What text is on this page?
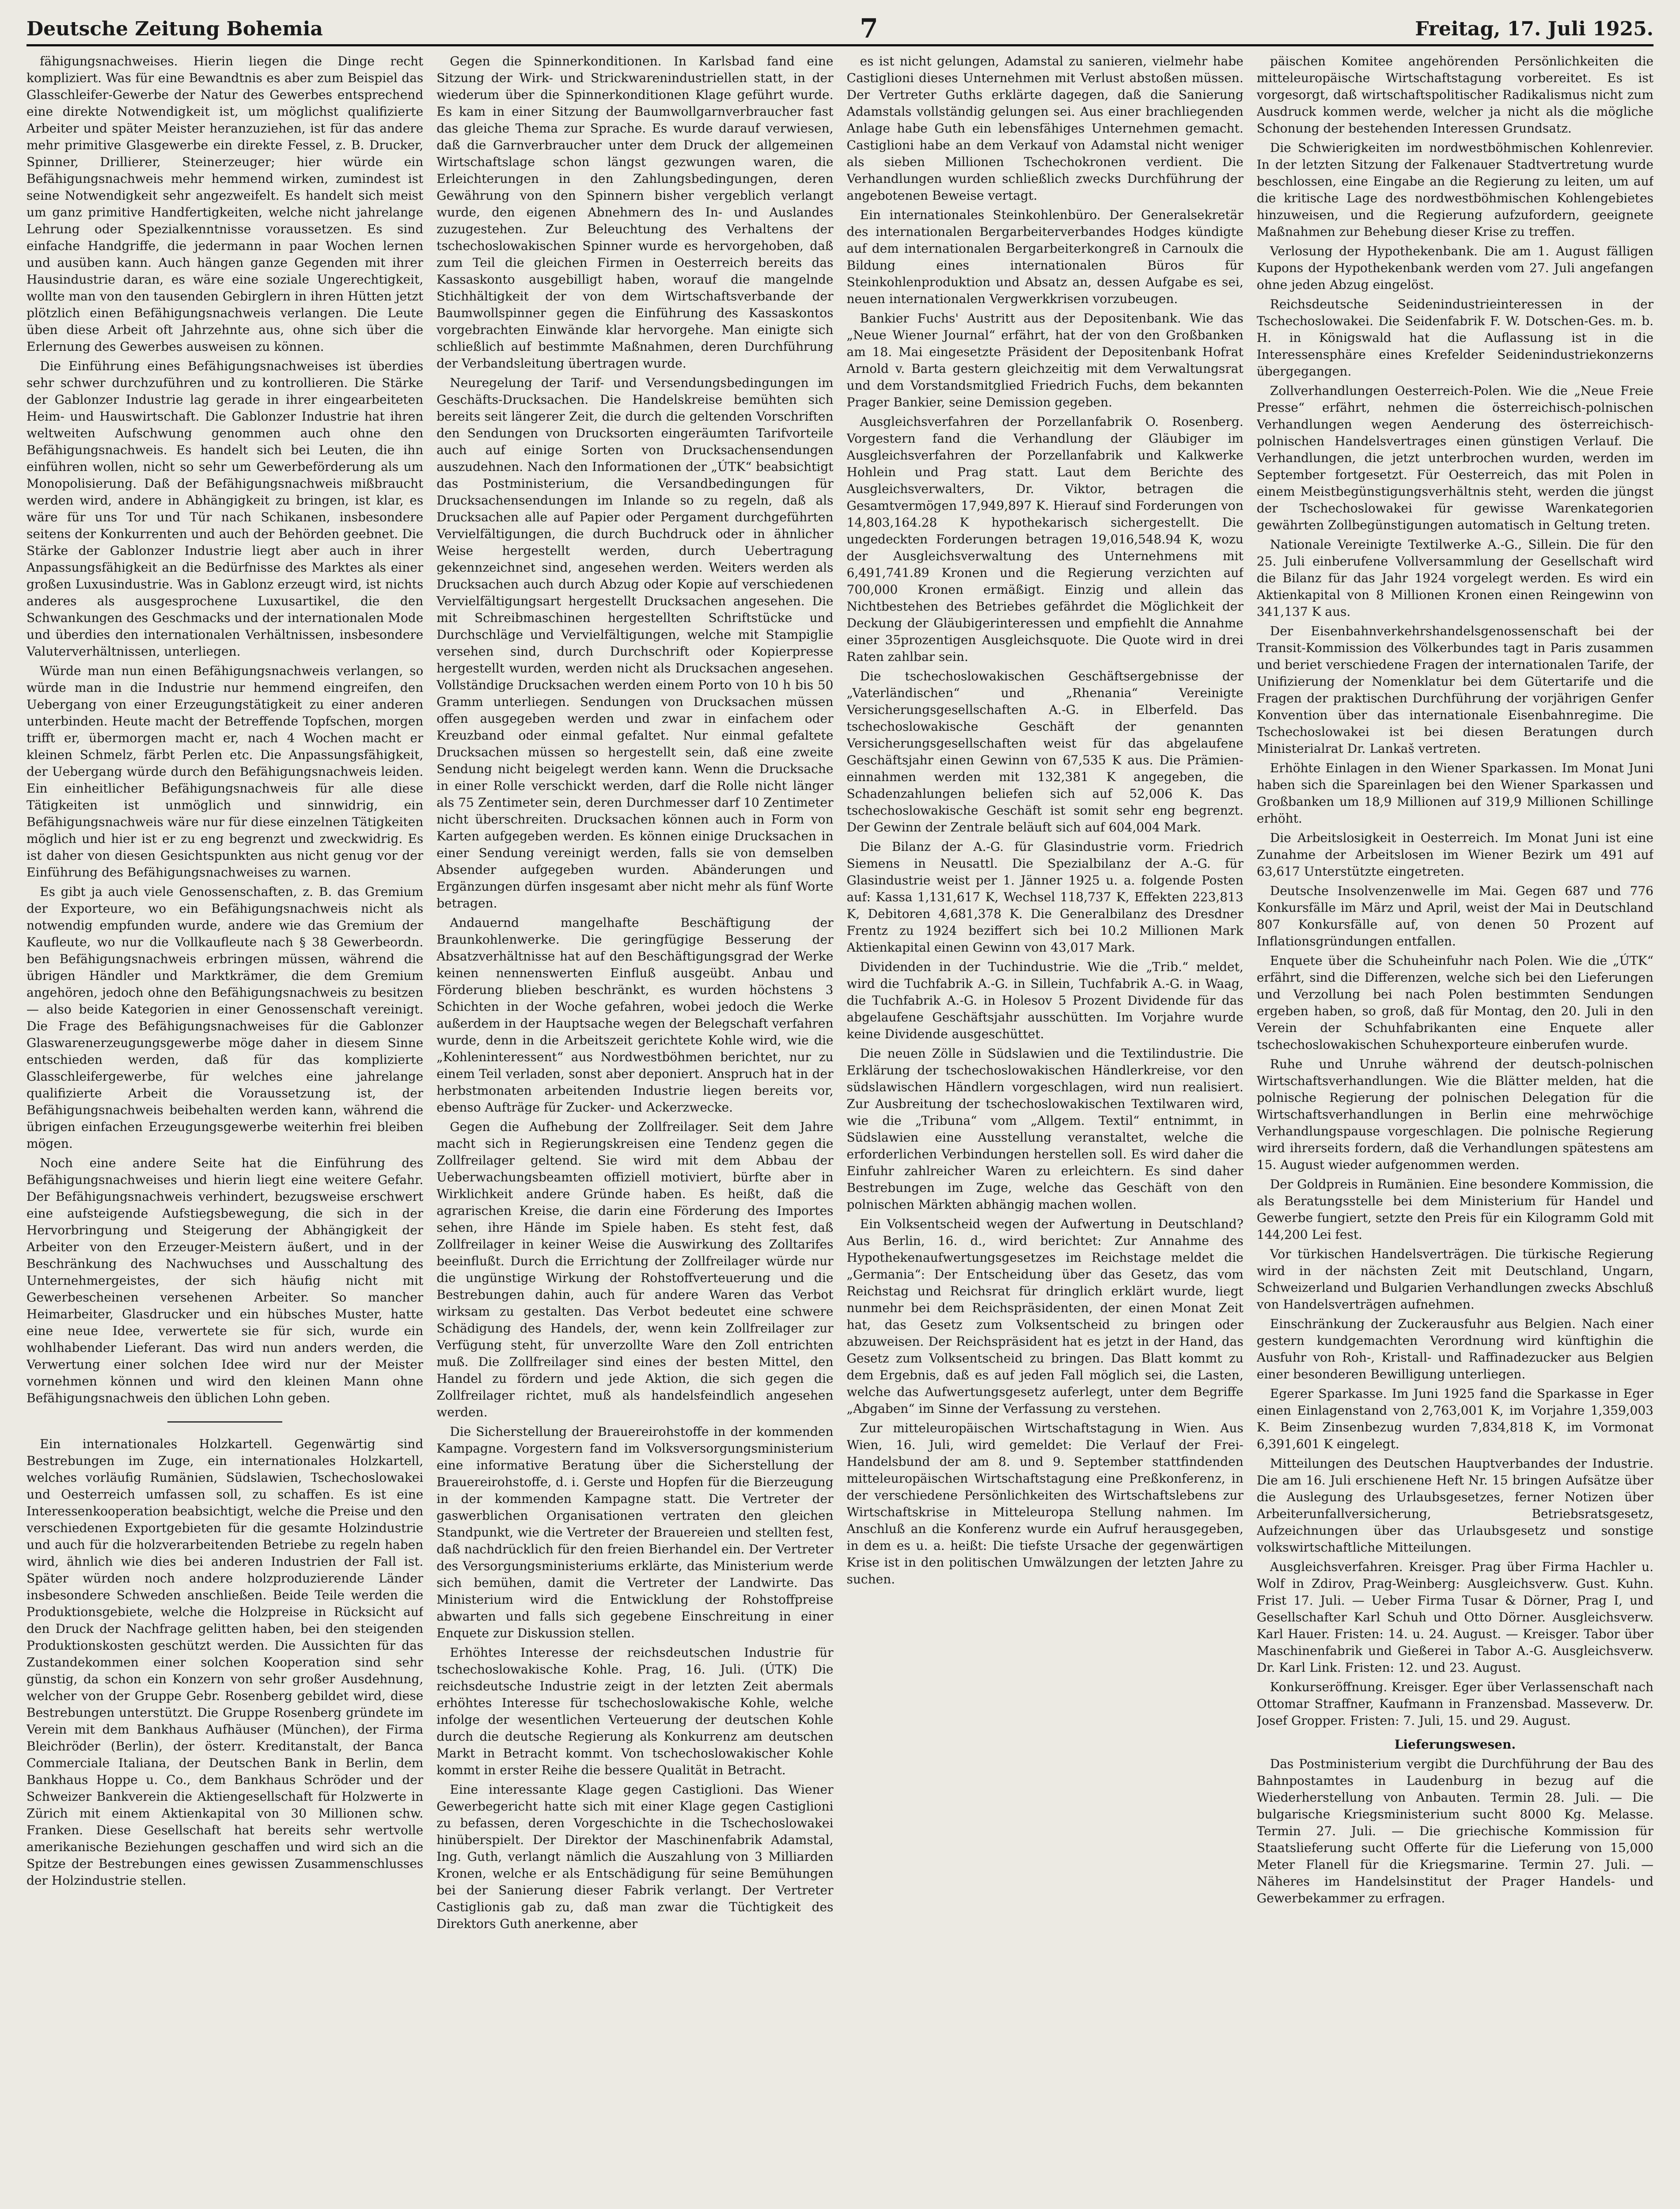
Deutsche Zeitung Bohemia	7	Freitag, 17. Juli 1925.

fähigungsnachweises. Hierin liegen die Dinge recht kompliziert. Was für eine Bewandtnis es aber zum Beispiel das Glasschleifer-Gewerbe der Natur des Gewerbes entsprechend eine direkte Notwendigkeit ist, um möglichst qualifizierte Arbeiter und später Meister heranzuziehen, ist für das andere mehr primitive Glasgewerbe ein direkte Fessel, z. B. Drucker, Spinner, Drillierer, Steinerzeuger; hier würde ein Befähigungsnachweis mehr hemmend wirken, zumindest ist seine Notwendigkeit sehr angezweifelt. Es handelt sich meist um ganz primitive Handfertigkeiten, welche nicht jahrelange Lehrung oder Spezialkenntnisse voraussetzen. Es sind einfache Handgriffe, die jedermann in paar Wochen lernen und ausüben kann. Auch hängen ganze Gegenden mit ihrer Hausindustrie daran, es wäre eine soziale Ungerechtigkeit, wollte man von den tausenden Gebirglern in ihren Hütten jetzt plötzlich einen Befähigungsnachweis verlangen. Die Leute üben diese Arbeit oft Jahrzehnte aus, ohne sich über die Erlernung des Gewerbes ausweisen zu können.

Die Einführung eines Befähigungsnachweises ist überdies sehr schwer durchzuführen und zu kontrollieren. Die Stärke der Gablonzer Industrie lag gerade in ihrer eingearbeiteten Heim- und Hauswirtschaft. Die Gablonzer Industrie hat ihren weltweiten Aufschwung genommen auch ohne den Befähigungsnachweis. Es handelt sich bei Leuten, die ihn einführen wollen, nicht so sehr um Gewerbeförderung als um Monopolisierung. Daß der Befähigungsnachweis mißbraucht werden wird, andere in Abhängigkeit zu bringen, ist klar, es wäre für uns Tor und Tür nach Schikanen, insbesondere seitens der Konkurrenten und auch der Behörden geebnet. Die Stärke der Gablonzer Industrie liegt aber auch in ihrer Anpassungsfähigkeit an die Bedürfnisse des Marktes als einer großen Luxusindustrie. Was in Gablonz erzeugt wird, ist nichts anderes als ausgesprochene Luxusartikel, die den Schwankungen des Geschmacks und der internationalen Mode und überdies den internationalen Verhältnissen, insbesondere Valuterverhältnissen, unterliegen.

Würde man nun einen Befähigungsnachweis verlangen, so würde man in die Industrie nur hemmend eingreifen, den Uebergang von einer Erzeugungstätigkeit zu einer anderen unterbinden. Heute macht der Betreffende Topfschen, morgen trifft er, übermorgen macht er, nach 4 Wochen macht er kleinen Schmelz, färbt Perlen etc. Die Anpassungsfähigkeit, der Uebergang würde durch den Befähigungsnachweis leiden. Ein einheitlicher Befähigungsnachweis für alle diese Tätigkeiten ist unmöglich und sinnwidrig, ein Befähigungsnachweis wäre nur für diese einzelnen Tätigkeiten möglich und hier ist er zu eng begrenzt und zweckwidrig. Es ist daher von diesen Gesichtspunkten aus nicht genug vor der Einführung des Befähigungsnachweises zu warnen.

Es gibt ja auch viele Genossenschaften, z. B. das Gremium der Exporteure, wo ein Befähigungsnachweis nicht als notwendig empfunden wurde, andere wie das Gremium der Kaufleute, wo nur die Vollkaufleute nach § 38 Gewerbeordn. ben Befähigungsnachweis erbringen müssen, während die übrigen Händler und Marktkrämer, die dem Gremium angehören, jedoch ohne den Befähigungsnachweis zu besitzen — also beide Kategorien in einer Genossenschaft vereinigt. Die Frage des Befähigungsnachweises für die Gablonzer Glaswarenerzeugungsgewerbe möge daher in diesem Sinne entschieden werden, daß für das komplizierte Glasschleifergewerbe, für welches eine jahrelange qualifizierte Arbeit die Voraussetzung ist, der Befähigungsnachweis beibehalten werden kann, während die übrigen einfachen Erzeugungsgewerbe weiterhin frei bleiben mögen.

Noch eine andere Seite hat die Einführung des Befähigungsnachweises und hierin liegt eine weitere Gefahr. Der Befähigungsnachweis verhindert, bezugsweise erschwert eine aufsteigende Aufstiegsbewegung, die sich in der Hervorbringung und Steigerung der Abhängigkeit der Arbeiter von den Erzeuger-Meistern äußert, und in der Beschränkung des Nachwuchses und Ausschaltung des Unternehmergeistes, der sich häufig nicht mit Gewerbescheinen versehenen Arbeiter. So mancher Heimarbeiter, Glasdrucker und ein hübsches Muster, hatte eine neue Idee, verwertete sie für sich, wurde ein wohlhabender Lieferant. Das wird nun anders werden, die Verwertung einer solchen Idee wird nur der Meister vornehmen können und wird den kleinen Mann ohne Befähigungsnachweis den üblichen Lohn geben.

Ein internationales Holzkartell. Gegenwärtig sind Bestrebungen im Zuge, ein internationales Holzkartell, welches vorläufig Rumänien, Südslawien, Tschechoslowakei und Oesterreich umfassen soll, zu schaffen. Es ist eine Interessenkooperation beabsichtigt, welche die Preise und den verschiedenen Exportgebieten für die gesamte Holzindustrie und auch für die holzverarbeitenden Betriebe zu regeln haben wird, ähnlich wie dies bei anderen Industrien der Fall ist. Später würden noch andere holzproduzierende Länder insbesondere Schweden anschließen. Beide Teile werden die Produktionsgebiete, welche die Holzpreise in Rücksicht auf den Druck der Nachfrage gelitten haben, bei den steigenden Produktionskosten geschützt werden. Die Aussichten für das Zustandekommen einer solchen Kooperation sind sehr günstig, da schon ein Konzern von sehr großer Ausdehnung, welcher von der Gruppe Gebr. Rosenberg gebildet wird, diese Bestrebungen unterstützt. Die Gruppe Rosenberg gründete im Verein mit dem Bankhaus Aufhäuser (München), der Firma Bleichröder (Berlin), der österr. Kreditanstalt, der Banca Commerciale Italiana, der Deutschen Bank in Berlin, dem Bankhaus Hoppe u. Co., dem Bankhaus Schröder und der Schweizer Bankverein die Aktiengesellschaft für Holzwerte in Zürich mit einem Aktienkapital von 30 Millionen schw. Franken. Diese Gesellschaft hat bereits sehr wertvolle amerikanische Beziehungen geschaffen und wird sich an die Spitze der Bestrebungen eines gewissen Zusammenschlusses der Holzindustrie stellen.

Gegen die Spinnerkonditionen. In Karlsbad fand eine Sitzung der Wirk- und Strickwarenindustriellen statt, in der wiederum über die Spinnerkonditionen Klage geführt wurde. Es kam in einer Sitzung der Baumwollgarnverbraucher fast das gleiche Thema zur Sprache. Es wurde darauf verwiesen, daß die Garnverbraucher unter dem Druck der allgemeinen Wirtschaftslage schon längst gezwungen waren, die Erleichterungen in den Zahlungsbedingungen, deren Gewährung von den Spinnern bisher vergeblich verlangt wurde, den eigenen Abnehmern des In- und Auslandes zuzugestehen. Zur Beleuchtung des Verhaltens der tschechoslowakischen Spinner wurde es hervorgehoben, daß zum Teil die gleichen Firmen in Oesterreich bereits das Kassaskonto ausgebilligt haben, worauf die mangelnde Stichhältigkeit der von dem Wirtschaftsverbande der Baumwollspinner gegen die Einführung des Kassaskontos vorgebrachten Einwände klar hervorgehe. Man einigte sich schließlich auf bestimmte Maßnahmen, deren Durchführung der Verbandsleitung übertragen wurde.

Neuregelung der Tarif- und Versendungsbedingungen im Geschäfts-Drucksachen. Die Handelskreise bemühten sich bereits seit längerer Zeit, die durch die geltenden Vorschriften den Sendungen von Drucksorten eingeräumten Tarifvorteile auch auf einige Sorten von Drucksachensendungen auszudehnen. Nach den Informationen der „ÚTK“ beabsichtigt das Postministerium, die Versandbedingungen für Drucksachensendungen im Inlande so zu regeln, daß als Drucksachen alle auf Papier oder Pergament durchgeführten Vervielfältigungen, die durch Buchdruck oder in ähnlicher Weise hergestellt werden, durch Uebertragung gekennzeichnet sind, angesehen werden. Weiters werden als Drucksachen auch durch Abzug oder Kopie auf verschiedenen Vervielfältigungsart hergestellt Drucksachen angesehen. Die mit Schreibmaschinen hergestellten Schriftstücke und Durchschläge und Vervielfältigungen, welche mit Stampiglie versehen sind, durch Durchschrift oder Kopierpresse hergestellt wurden, werden nicht als Drucksachen angesehen. Vollständige Drucksachen werden einem Porto von 10 h bis 50 Gramm unterliegen. Sendungen von Drucksachen müssen offen ausgegeben werden und zwar in einfachem oder Kreuzband oder einmal gefaltet. Nur einmal gefaltete Drucksachen müssen so hergestellt sein, daß eine zweite Sendung nicht beigelegt werden kann. Wenn die Drucksache in einer Rolle verschickt werden, darf die Rolle nicht länger als 75 Zentimeter sein, deren Durchmesser darf 10 Zentimeter nicht überschreiten. Drucksachen können auch in Form von Karten aufgegeben werden. Es können einige Drucksachen in einer Sendung vereinigt werden, falls sie von demselben Absender aufgegeben wurden. Abänderungen und Ergänzungen dürfen insgesamt aber nicht mehr als fünf Worte betragen.

Andauernd mangelhafte Beschäftigung der Braunkohlenwerke. Die geringfügige Besserung der Absatzverhältnisse hat auf den Beschäftigungsgrad der Werke keinen nennenswerten Einfluß ausgeübt. Anbau und Förderung blieben beschränkt, es wurden höchstens 3 Schichten in der Woche gefahren, wobei jedoch die Werke außerdem in der Hauptsache wegen der Belegschaft verfahren wurde, denn in die Arbeitszeit gerichtete Kohle wird, wie die „Kohleninteressent“ aus Nordwestböhmen berichtet, nur zu einem Teil verladen, sonst aber deponiert. Anspruch hat in der herbstmonaten arbeitenden Industrie liegen bereits vor, ebenso Aufträge für Zucker- und Ackerzwecke.

Gegen die Aufhebung der Zollfreilager. Seit dem Jahre macht sich in Regierungskreisen eine Tendenz gegen die Zollfreilager geltend. Sie wird mit dem Abbau der Ueberwachungsbeamten offiziell motiviert, bürfte aber in Wirklichkeit andere Gründe haben. Es heißt, daß die agrarischen Kreise, die darin eine Förderung des Importes sehen, ihre Hände im Spiele haben. Es steht fest, daß Zollfreilager in keiner Weise die Auswirkung des Zolltarifes beeinflußt. Durch die Errichtung der Zollfreilager würde nur die ungünstige Wirkung der Rohstoffverteuerung und die Bestrebungen dahin, auch für andere Waren das Verbot wirksam zu gestalten. Das Verbot bedeutet eine schwere Schädigung des Handels, der, wenn kein Zollfreilager zur Verfügung steht, für unverzollte Ware den Zoll entrichten muß. Die Zollfreilager sind eines der besten Mittel, den Handel zu fördern und jede Aktion, die sich gegen die Zollfreilager richtet, muß als handelsfeindlich angesehen werden.

Die Sicherstellung der Brauereirohstoffe in der kommenden Kampagne. Vorgestern fand im Volksversorgungsministerium eine informative Beratung über die Sicherstellung der Brauereirohstoffe, d. i. Gerste und Hopfen für die Bierzeugung in der kommenden Kampagne statt. Die Vertreter der gaswerblichen Organisationen vertraten den gleichen Standpunkt, wie die Vertreter der Brauereien und stellten fest, daß nachdrücklich für den freien Bierhandel ein. Der Vertreter des Versorgungsministeriums erklärte, das Ministerium werde sich bemühen, damit die Vertreter der Landwirte. Das Ministerium wird die Entwicklung der Rohstoffpreise abwarten und falls sich gegebene Einschreitung in einer Enquete zur Diskussion stellen.

Erhöhtes Interesse der reichsdeutschen Industrie für tschechoslowakische Kohle. Prag, 16. Juli. (ÚTK) Die reichsdeutsche Industrie zeigt in der letzten Zeit abermals erhöhtes Interesse für tschechoslowakische Kohle, welche infolge der wesentlichen Verteuerung der deutschen Kohle durch die deutsche Regierung als Konkurrenz am deutschen Markt in Betracht kommt. Von tschechoslowakischer Kohle kommt in erster Reihe die bessere Qualität in Betracht.

Eine interessante Klage gegen Castiglioni. Das Wiener Gewerbegericht hatte sich mit einer Klage gegen Castiglioni zu befassen, deren Vorgeschichte in die Tschechoslowakei hinüberspielt. Der Direktor der Maschinenfabrik Adamstal, Ing. Guth, verlangt nämlich die Auszahlung von 3 Milliarden Kronen, welche er als Entschädigung für seine Bemühungen bei der Sanierung dieser Fabrik verlangt. Der Vertreter Castiglionis gab zu, daß man zwar die Tüchtigkeit des Direktors Guth anerkenne, aber

es ist nicht gelungen, Adamstal zu sanieren, vielmehr habe Castiglioni dieses Unternehmen mit Verlust abstoßen müssen. Der Vertreter Guths erklärte dagegen, daß die Sanierung Adamstals vollständig gelungen sei. Aus einer brachliegenden Anlage habe Guth ein lebensfähiges Unternehmen gemacht. Castiglioni habe an dem Verkauf von Adamstal nicht weniger als sieben Millionen Tschechokronen verdient. Die Verhandlungen wurden schließlich zwecks Durchführung der angebotenen Beweise vertagt.

Ein internationales Steinkohlenbüro. Der Generalsekretär des internationalen Bergarbeiterverbandes Hodges kündigte auf dem internationalen Bergarbeiterkongreß in Carnoulx die Bildung eines internationalen Büros für Steinkohlenproduktion und Absatz an, dessen Aufgabe es sei, neuen internationalen Vergwerkkrisen vorzubeugen.

Bankier Fuchs' Austritt aus der Depositenbank. Wie das „Neue Wiener Journal“ erfährt, hat der von den Großbanken am 18. Mai eingesetzte Präsident der Depositenbank Hofrat Arnold v. Barta gestern gleichzeitig mit dem Verwaltungsrat und dem Vorstandsmitglied Friedrich Fuchs, dem bekannten Prager Bankier, seine Demission gegeben.

Ausgleichsverfahren der Porzellanfabrik O. Rosenberg. Vorgestern fand die Verhandlung der Gläubiger im Ausgleichsverfahren der Porzellanfabrik und Kalkwerke Hohlein und Prag statt. Laut dem Berichte des Ausgleichsverwalters, Dr. Viktor, betragen die Gesamtvermögen 17,949,897 K. Hierauf sind Forderungen von 14,803,164.28 K hypothekarisch sichergestellt. Die ungedeckten Forderungen betragen 19,016,548.94 K, wozu der Ausgleichsverwaltung des Unternehmens mit 6,491,741.89 Kronen und die Regierung verzichten auf 700,000 Kronen ermäßigt. Einzig und allein das Nichtbestehen des Betriebes gefährdet die Möglichkeit der Deckung der Gläubigerinteressen und empfiehlt die Annahme einer 35prozentigen Ausgleichsquote. Die Quote wird in drei Raten zahlbar sein.

Die tschechoslowakischen Geschäftsergebnisse der „Vaterländischen“ und „Rhenania“ Vereinigte Versicherungsgesellschaften A.-G. in Elberfeld. Das tschechoslowakische Geschäft der genannten Versicherungsgesellschaften weist für das abgelaufene Geschäftsjahr einen Gewinn von 67,535 K aus. Die Prämien-einnahmen werden mit 132,381 K angegeben, die Schadenzahlungen beliefen sich auf 52,006 K. Das tschechoslowakische Geschäft ist somit sehr eng begrenzt. Der Gewinn der Zentrale beläuft sich auf 604,004 Mark.

Die Bilanz der A.-G. für Glasindustrie vorm. Friedrich Siemens in Neusattl. Die Spezialbilanz der A.-G. für Glasindustrie weist per 1. Jänner 1925 u. a. folgende Posten auf: Kassa 1,131,617 K, Wechsel 118,737 K, Effekten 223,813 K, Debitoren 4,681,378 K. Die Generalbilanz des Dresdner Frentz zu 1924 beziffert sich bei 10.2 Millionen Mark Aktienkapital einen Gewinn von 43,017 Mark.

Dividenden in der Tuchindustrie. Wie die „Trib.“ meldet, wird die Tuchfabrik A.-G. in Sillein, Tuchfabrik A.-G. in Waag, die Tuchfabrik A.-G. in Holesov 5 Prozent Dividende für das abgelaufene Geschäftsjahr ausschütten. Im Vorjahre wurde keine Dividende ausgeschüttet.

Die neuen Zölle in Südslawien und die Textilindustrie. Die Erklärung der tschechoslowakischen Händlerkreise, vor den südslawischen Händlern vorgeschlagen, wird nun realisiert. Zur Ausbreitung der tschechoslowakischen Textilwaren wird, wie die „Tribuna“ vom „Allgem. Textil“ entnimmt, in Südslawien eine Ausstellung veranstaltet, welche die erforderlichen Verbindungen herstellen soll. Es wird daher die Einfuhr zahlreicher Waren zu erleichtern. Es sind daher Bestrebungen im Zuge, welche das Geschäft von den polnischen Märkten abhängig machen wollen.

Ein Volksentscheid wegen der Aufwertung in Deutschland? Aus Berlin, 16. d., wird berichtet: Zur Annahme des Hypothekenaufwertungsgesetzes im Reichstage meldet die „Germania“: Der Entscheidung über das Gesetz, das vom Reichstag und Reichsrat für dringlich erklärt wurde, liegt nunmehr bei dem Reichspräsidenten, der einen Monat Zeit hat, das Gesetz zum Volksentscheid zu bringen oder abzuweisen. Der Reichspräsident hat es jetzt in der Hand, das Gesetz zum Volksentscheid zu bringen. Das Blatt kommt zu dem Ergebnis, daß es auf jeden Fall möglich sei, die Lasten, welche das Aufwertungsgesetz auferlegt, unter dem Begriffe „Abgaben“ im Sinne der Verfassung zu verstehen.

Zur mitteleuropäischen Wirtschaftstagung in Wien. Aus Wien, 16. Juli, wird gemeldet: Die Verlauf der Frei-Handelsbund der am 8. und 9. September stattfindenden mitteleuropäischen Wirtschaftstagung eine Preßkonferenz, in der verschiedene Persönlichkeiten des Wirtschaftslebens zur Wirtschaftskrise in Mitteleuropa Stellung nahmen. Im Anschluß an die Konferenz wurde ein Aufruf herausgegeben, in dem es u. a. heißt: Die tiefste Ursache der gegenwärtigen Krise ist in den politischen Umwälzungen der letzten Jahre zu suchen.

päischen Komitee angehörenden Persönlichkeiten die mitteleuropäische Wirtschaftstagung vorbereitet. Es ist vorgesorgt, daß wirtschaftspolitischer Radikalismus nicht zum Ausdruck kommen werde, welcher ja nicht als die mögliche Schonung der bestehenden Interessen Grundsatz.

Die Schwierigkeiten im nordwestböhmischen Kohlenrevier. In der letzten Sitzung der Falkenauer Stadtvertretung wurde beschlossen, eine Eingabe an die Regierung zu leiten, um auf die kritische Lage des nordwestböhmischen Kohlengebietes hinzuweisen, und die Regierung aufzufordern, geeignete Maßnahmen zur Behebung dieser Krise zu treffen.

Verlosung der Hypothekenbank. Die am 1. August fälligen Kupons der Hypothekenbank werden vom 27. Juli angefangen ohne jeden Abzug eingelöst.

Reichsdeutsche Seidenindustrieinteressen in der Tschechoslowakei. Die Seidenfabrik F. W. Dotschen-Ges. m. b. H. in Königswald hat die Auflassung ist in die Interessensphäre eines Krefelder Seidenindustriekonzerns übergegangen.

Zollverhandlungen Oesterreich-Polen. Wie die „Neue Freie Presse“ erfährt, nehmen die österreichisch-polnischen Verhandlungen wegen Aenderung des österreichisch-polnischen Handelsvertrages einen günstigen Verlauf. Die Verhandlungen, die jetzt unterbrochen wurden, werden im September fortgesetzt. Für Oesterreich, das mit Polen in einem Meistbegünstigungsverhältnis steht, werden die jüngst der Tschechoslowakei für gewisse Warenkategorien gewährten Zollbegünstigungen automatisch in Geltung treten.

Nationale Vereinigte Textilwerke A.-G., Sillein. Die für den 25. Juli einberufene Vollversammlung der Gesellschaft wird die Bilanz für das Jahr 1924 vorgelegt werden. Es wird ein Aktienkapital von 8 Millionen Kronen einen Reingewinn von 341,137 K aus.

Der Eisenbahnverkehrshandelsgenossenschaft bei der Transit-Kommission des Völkerbundes tagt in Paris zusammen und beriet verschiedene Fragen der internationalen Tarife, der Unifizierung der Nomenklatur bei dem Gütertarife und die Fragen der praktischen Durchführung der vorjährigen Genfer Konvention über das internationale Eisenbahnregime. Die Tschechoslowakei ist bei diesen Beratungen durch Ministerialrat Dr. Lankaš vertreten.

Erhöhte Einlagen in den Wiener Sparkassen. Im Monat Juni haben sich die Spareinlagen bei den Wiener Sparkassen und Großbanken um 18,9 Millionen auf 319,9 Millionen Schillinge erhöht.

Die Arbeitslosigkeit in Oesterreich. Im Monat Juni ist eine Zunahme der Arbeitslosen im Wiener Bezirk um 491 auf 63,617 Unterstützte eingetreten.

Deutsche Insolvenzenwelle im Mai. Gegen 687 und 776 Konkursfälle im März und April, weist der Mai in Deutschland 807 Konkursfälle auf, von denen 50 Prozent auf Inflationsgründungen entfallen.

Enquete über die Schuheinfuhr nach Polen. Wie die „ÚTK“ erfährt, sind die Differenzen, welche sich bei den Lieferungen und Verzollung bei nach Polen bestimmten Sendungen ergeben haben, so groß, daß für Montag, den 20. Juli in den Verein der Schuhfabrikanten eine Enquete aller tschechoslowakischen Schuhexporteure einberufen wurde.

Ruhe und Unruhe während der deutsch-polnischen Wirtschaftsverhandlungen. Wie die Blätter melden, hat die polnische Regierung der polnischen Delegation für die Wirtschaftsverhandlungen in Berlin eine mehrwöchige Verhandlungspause vorgeschlagen. Die polnische Regierung wird ihrerseits fordern, daß die Verhandlungen spätestens am 15. August wieder aufgenommen werden.

Der Goldpreis in Rumänien. Eine besondere Kommission, die als Beratungsstelle bei dem Ministerium für Handel und Gewerbe fungiert, setzte den Preis für ein Kilogramm Gold mit 144,200 Lei fest.

Vor türkischen Handelsverträgen. Die türkische Regierung wird in der nächsten Zeit mit Deutschland, Ungarn, Schweizerland und Bulgarien Verhandlungen zwecks Abschluß von Handelsverträgen aufnehmen.

Einschränkung der Zuckerausfuhr aus Belgien. Nach einer gestern kundgemachten Verordnung wird künftighin die Ausfuhr von Roh-, Kristall- und Raffinadezucker aus Belgien einer besonderen Bewilligung unterliegen.

Egerer Sparkasse. Im Juni 1925 fand die Sparkasse in Eger einen Einlagenstand von 2,763,001 K, im Vorjahre 1,359,003 K. Beim Zinsenbezug wurden 7,834,818 K, im Vormonat 6,391,601 K eingelegt.

Mitteilungen des Deutschen Hauptverbandes der Industrie. Die am 16. Juli erschienene Heft Nr. 15 bringen Aufsätze über die Auslegung des Urlaubsgesetzes, ferner Notizen über Arbeiterunfallversicherung, Betriebsratsgesetz, Aufzeichnungen über das Urlaubsgesetz und sonstige volkswirtschaftliche Mitteilungen.

Ausgleichsverfahren. Kreisger. Prag über Firma Hachler u. Wolf in Zdirov, Prag-Weinberg: Ausgleichsverw. Gust. Kuhn. Frist 17. Juli. — Ueber Firma Tusar & Dörner, Prag I, und Gesellschafter Karl Schuh und Otto Dörner. Ausgleichsverw. Karl Hauer. Fristen: 14. u. 24. August. — Kreisger. Tabor über Maschinenfabrik und Gießerei in Tabor A.-G. Ausgleichsverw. Dr. Karl Link. Fristen: 12. und 23. August.

Konkurseröffnung. Kreisger. Eger über Verlassenschaft nach Ottomar Straffner, Kaufmann in Franzensbad. Masseverw. Dr. Josef Gropper. Fristen: 7. Juli, 15. und 29. August.

Lieferungswesen.

Das Postministerium vergibt die Durchführung der Bau des Bahnpostamtes in Laudenburg in bezug auf die Wiederherstellung von Anbauten. Termin 28. Juli. — Die bulgarische Kriegsministerium sucht 8000 Kg. Melasse. Termin 27. Juli. — Die griechische Kommission für Staatslieferung sucht Offerte für die Lieferung von 15,000 Meter Flanell für die Kriegsmarine. Termin 27. Juli. — Näheres im Handelsinstitut der Prager Handels- und Gewerbekammer zu erfragen.
